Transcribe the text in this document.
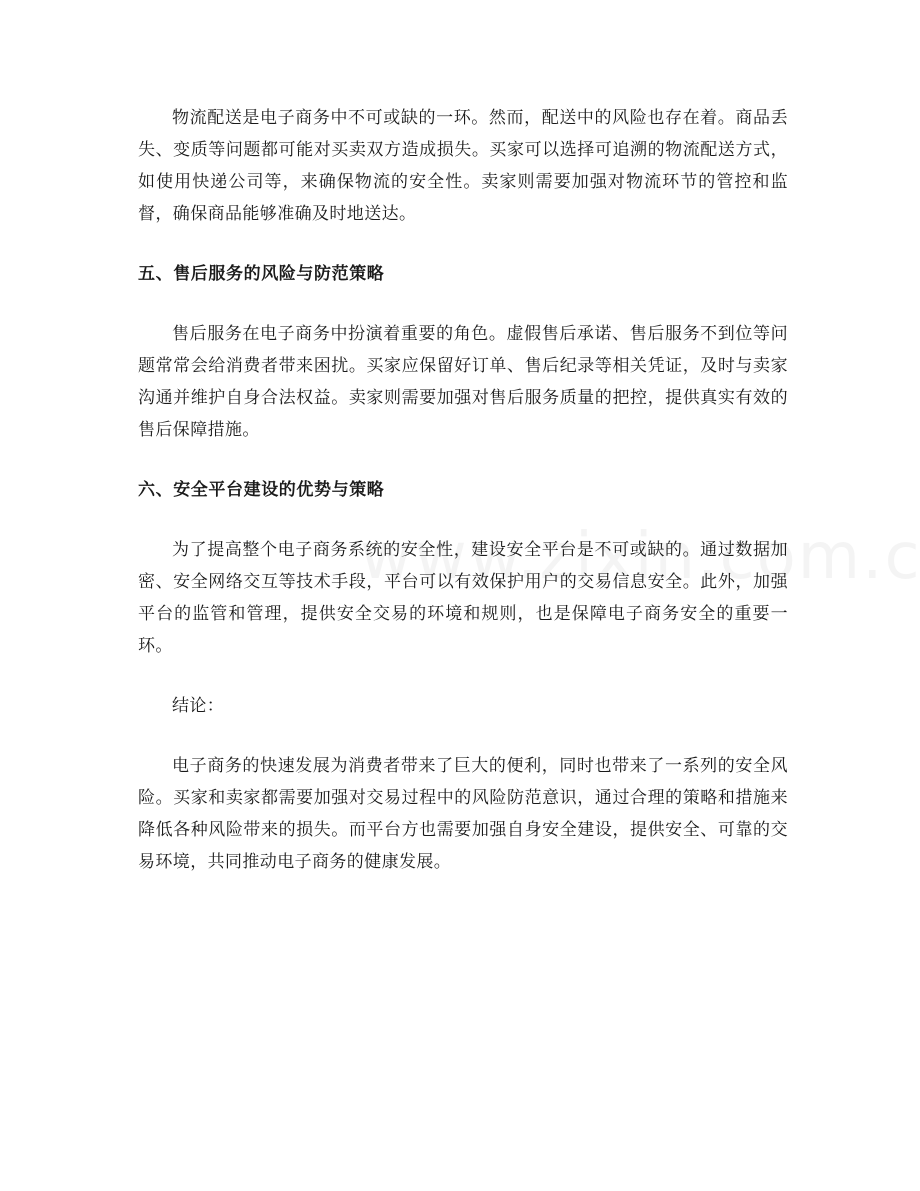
物流配送是电子商务中不可或缺的一环。然而，配送中的风险也存在着。商品丢失、变质等问题都可能对买卖双方造成损失。买家可以选择可追溯的物流配送方式，如使用快递公司等，来确保物流的安全性。卖家则需要加强对物流环节的管控和监督，确保商品能够准确及时地送达。

五、售后服务的风险与防范策略

售后服务在电子商务中扮演着重要的角色。虚假售后承诺、售后服务不到位等问题常常会给消费者带来困扰。买家应保留好订单、售后纪录等相关凭证，及时与卖家沟通并维护自身合法权益。卖家则需要加强对售后服务质量的把控，提供真实有效的售后保障措施。

六、安全平台建设的优势与策略

为了提高整个电子商务系统的安全性，建设安全平台是不可或缺的。通过数据加密、安全网络交互等技术手段，平台可以有效保护用户的交易信息安全。此外，加强平台的监管和管理，提供安全交易的环境和规则，也是保障电子商务安全的重要一环。

结论：

电子商务的快速发展为消费者带来了巨大的便利，同时也带来了一系列的安全风险。买家和卖家都需要加强对交易过程中的风险防范意识，通过合理的策略和措施来降低各种风险带来的损失。而平台方也需要加强自身安全建设，提供安全、可靠的交易环境，共同推动电子商务的健康发展。
